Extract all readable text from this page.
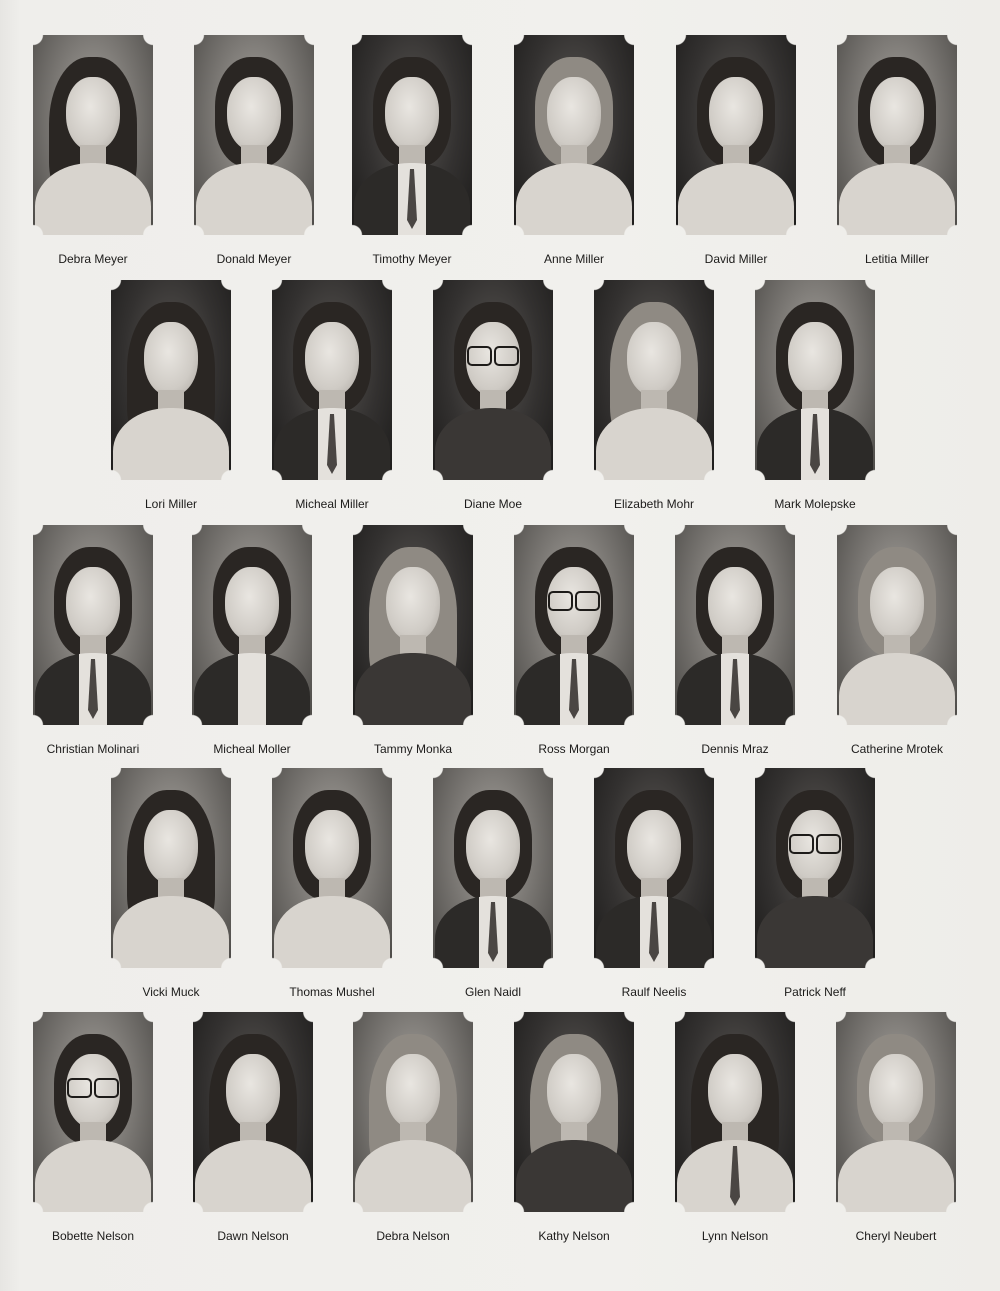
Debra Meyer	Donald Meyer	Timothy Meyer	Anne Miller	David Miller	Letitia Miller
Lori Miller	Micheal Miller	Diane Moe	Elizabeth Mohr	Mark Molepske
Christian Molinari	Micheal Moller	Tammy Monka	Ross Morgan	Dennis Mraz	Catherine Mrotek
Vicki Muck	Thomas Mushel	Glen Naidl	Raulf Neelis	Patrick Neff
Bobette Nelson	Dawn Nelson	Debra Nelson	Kathy Nelson	Lynn Nelson	Cheryl Neubert
